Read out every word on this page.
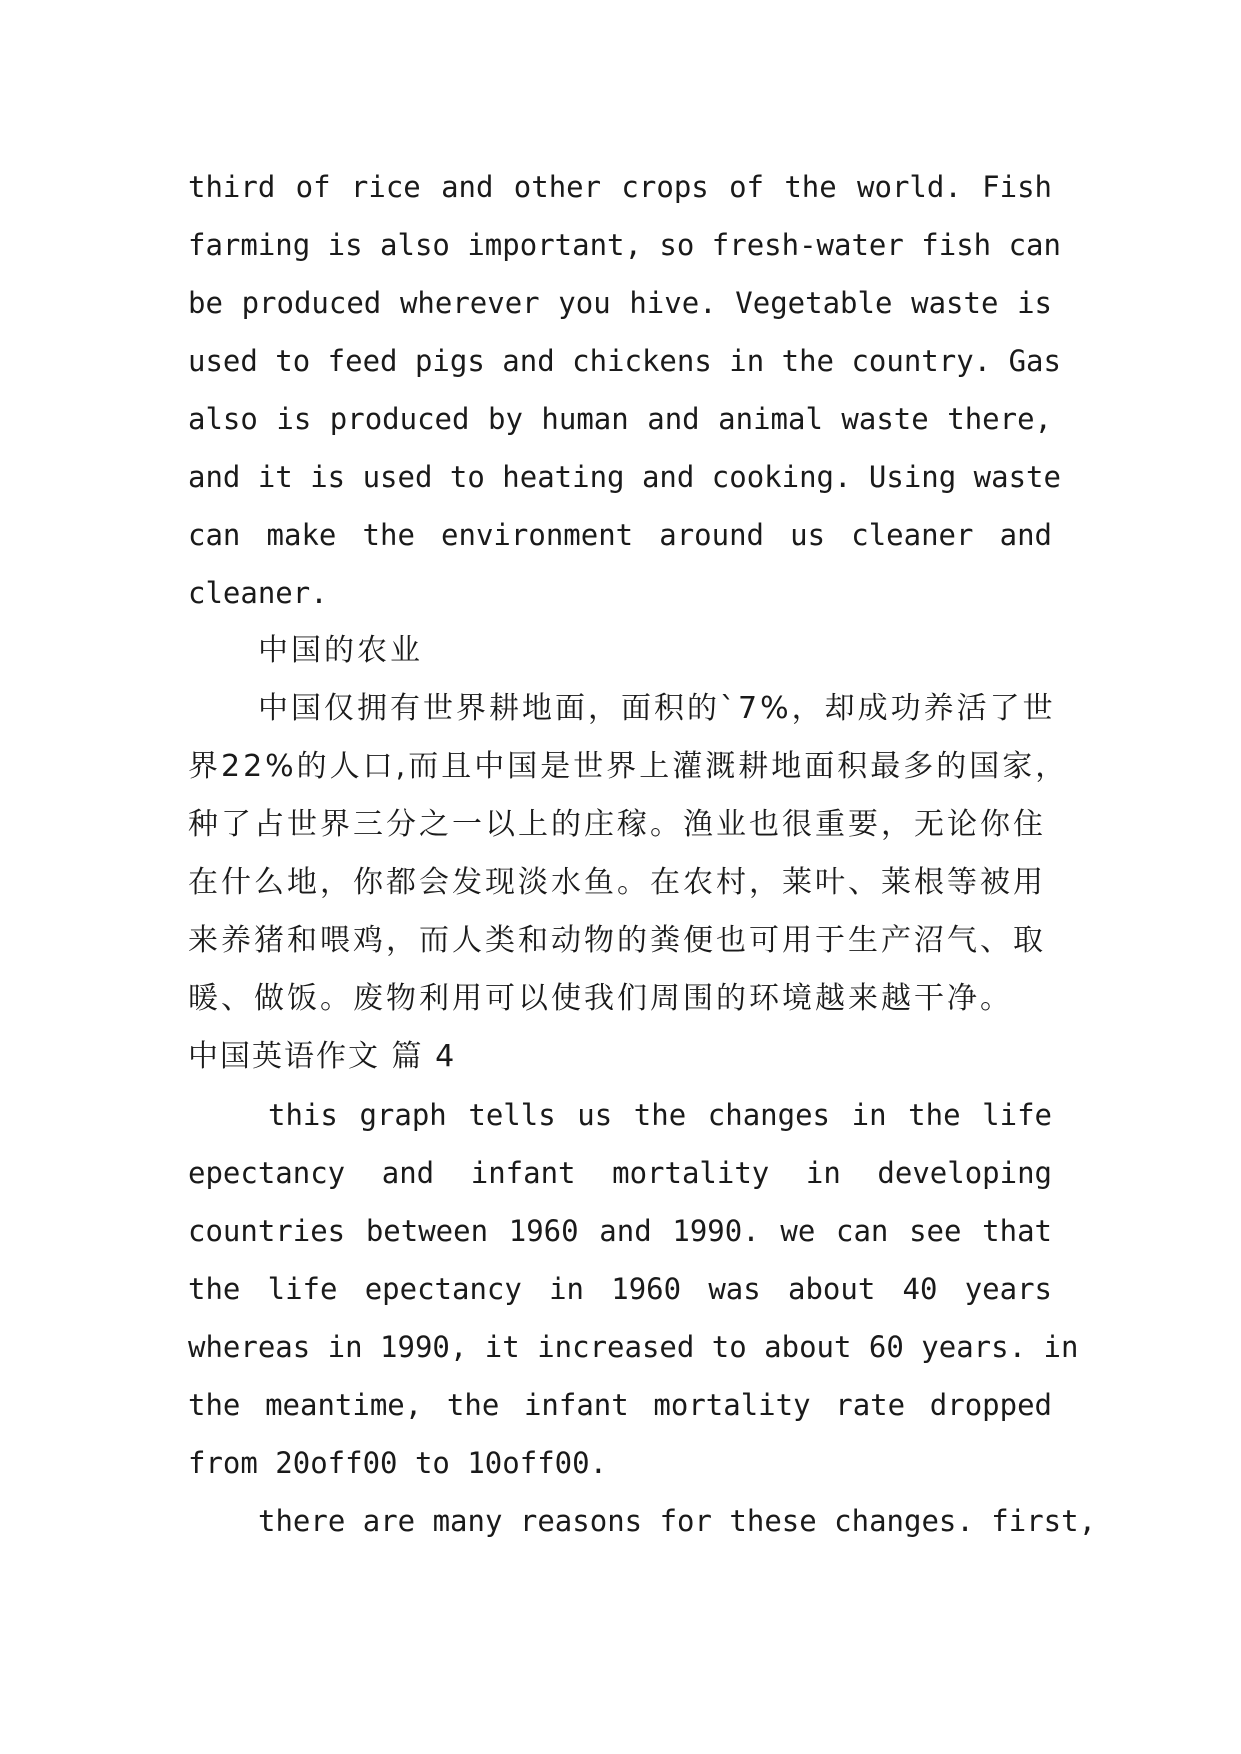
third of rice and other crops of the world. Fish
farming is also important, so fresh-water fish can
be produced wherever you hive. Vegetable waste is
used to feed pigs and chickens in the country. Gas
also is produced by human and animal waste there,
and it is used to heating and cooking. Using waste
can make the environment around us cleaner and
cleaner.
中国的农业
中国仅拥有世界耕地面，面积的`7%，却成功养活了世
界22%的人口,而且中国是世界上灌溉耕地面积最多的国家，
种了占世界三分之一以上的庄稼。渔业也很重要，无论你住
在什么地，你都会发现淡水鱼。在农村，莱叶、莱根等被用
来养猪和喂鸡，而人类和动物的粪便也可用于生产沼气、取
暖、做饭。废物利用可以使我们周围的环境越来越干净。
中国英语作文 篇 4
this graph tells us the changes in the life
epectancy and infant mortality in developing
countries between 1960 and 1990. we can see that
the life epectancy in 1960 was about 40 years
whereas in 1990, it increased to about 60 years. in
the meantime, the infant mortality rate dropped
from 20off00 to 10off00.
there are many reasons for these changes. first,
